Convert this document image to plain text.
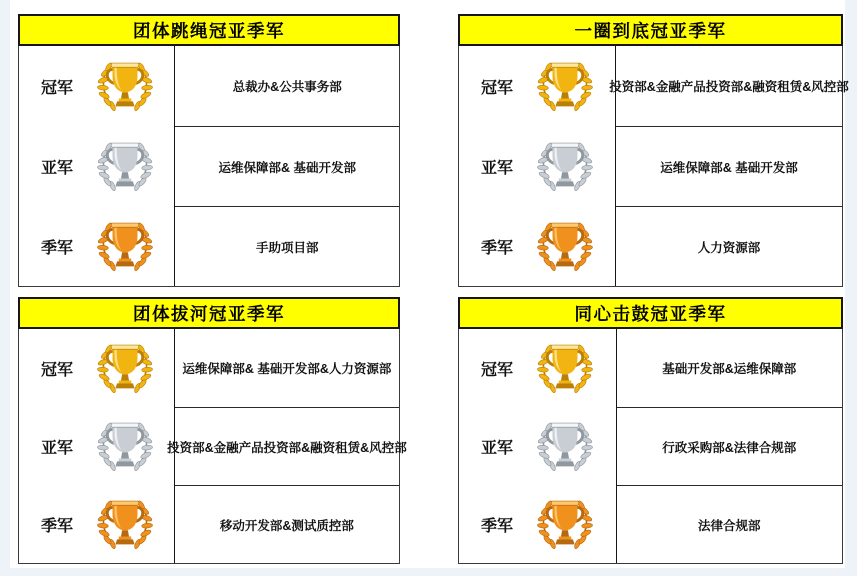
团体跳绳冠亚季军
冠军
亚军
季军
总裁办&公共事务部
运维保障部& 基础开发部
手助项目部
一圈到底冠亚季军
冠军
亚军
季军
投资部&金融产品投资部&融资租赁&风控部
运维保障部& 基础开发部
人力资源部
团体拔河冠亚季军
冠军
亚军
季军
运维保障部& 基础开发部&人力资源部
投资部&金融产品投资部&融资租赁&风控部
移动开发部&测试质控部
同心击鼓冠亚季军
冠军
亚军
季军
基础开发部&运维保障部
行政采购部&法律合规部
法律合规部
